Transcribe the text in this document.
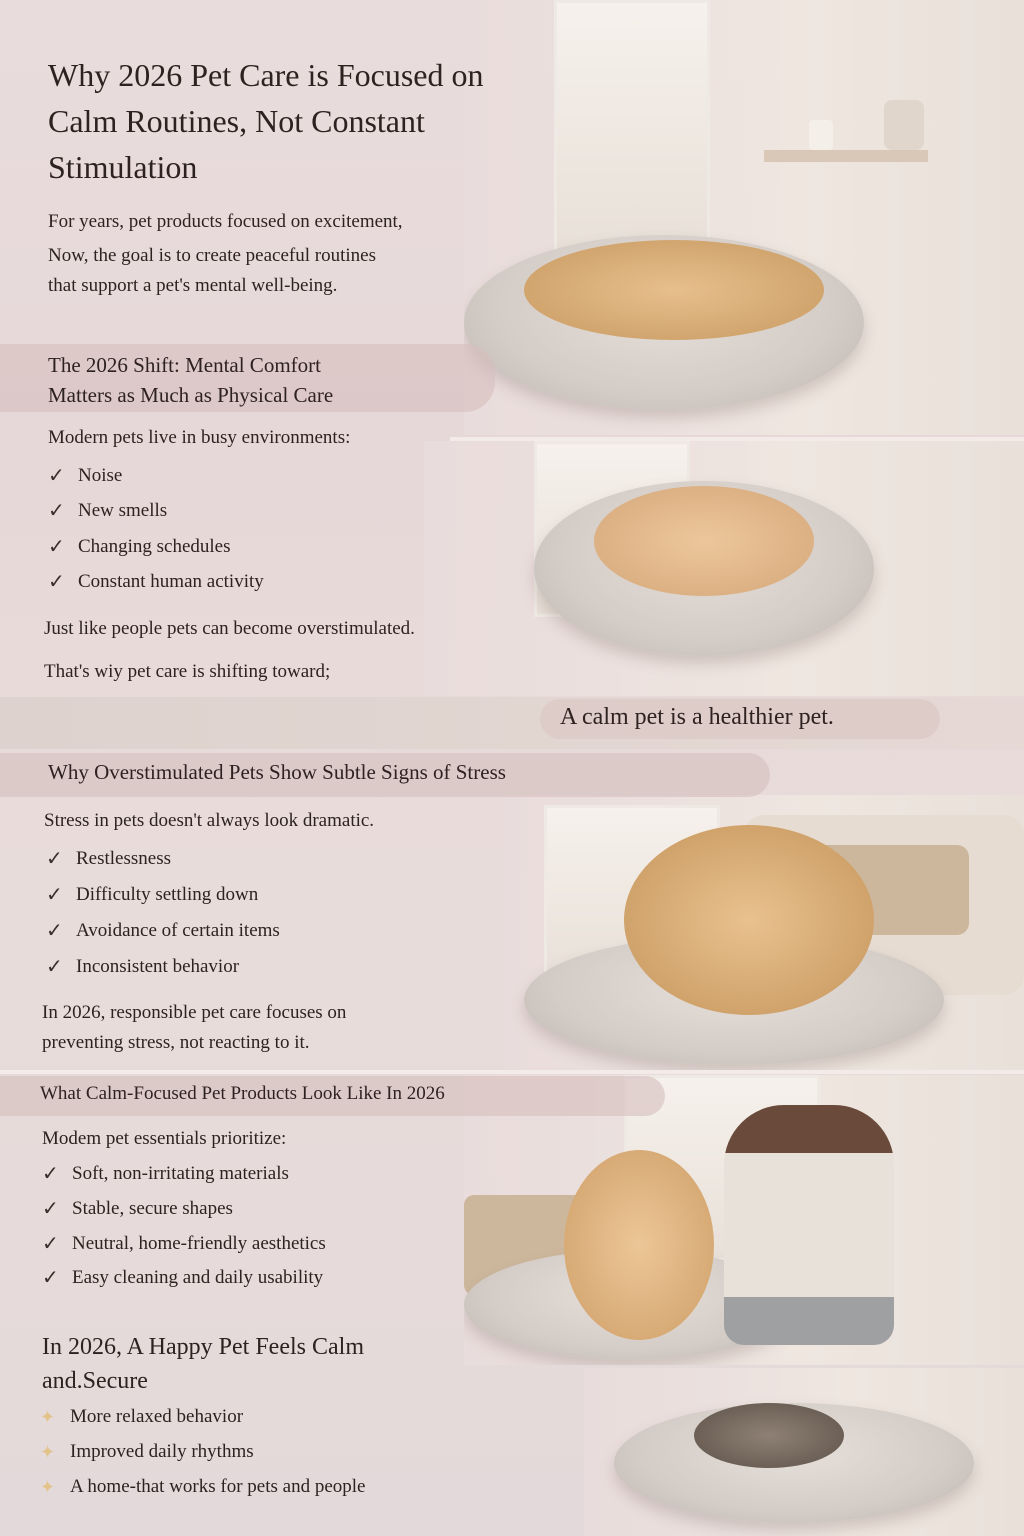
A calm pet is a healthier pet.
Why 2026 Pet Care is Focused on
Calm Routines, Not Constant
Stimulation
For years, pet products focused on excitement,
Now, the goal is to create peaceful routines
that support a pet's mental well-being.
The 2026 Shift: Mental Comfort
Matters as Much as Physical Care
Modern pets live in busy environments:
✓ Noise
✓ New smells
✓ Changing schedules
✓ Constant human activity
Just like people pets can become overstimulated.
That's wiy pet care is shifting toward;
Why Overstimulated Pets Show Subtle Signs of Stress
Stress in pets doesn't always look dramatic.
✓ Restlessness
✓ Difficulty settling down
✓ Avoidance of certain items
✓ Inconsistent behavior
In 2026, responsible pet care focuses on
preventing stress, not reacting to it.
What Calm-Focused Pet Products Look Like In 2026
Modem pet essentials prioritize:
✓ Soft, non-irritating materials
✓ Stable, secure shapes
✓ Neutral, home-friendly aesthetics
✓ Easy cleaning and daily usability
In 2026, A Happy Pet Feels Calm
and.Secure
✦ More relaxed behavior
✦ Improved daily rhythms
✦ A home-that works for pets and people
